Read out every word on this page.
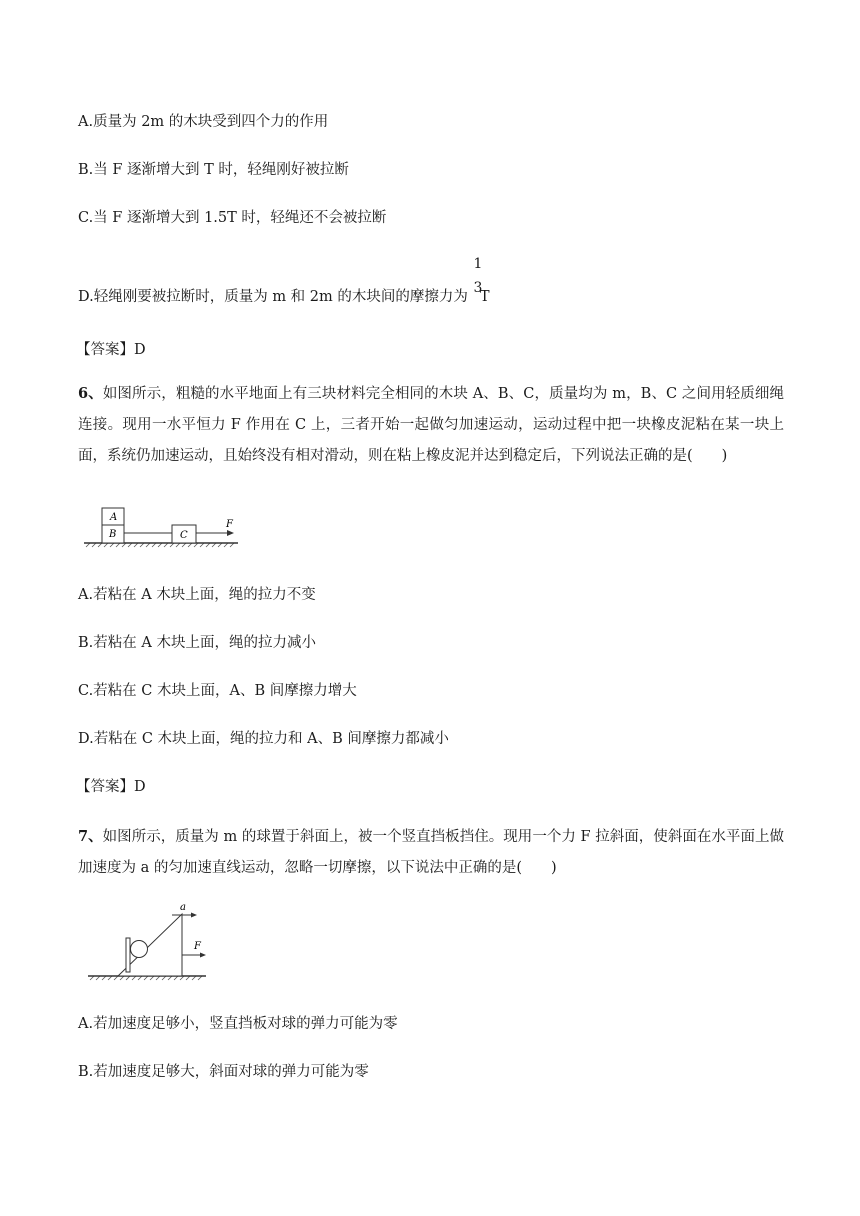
A.质量为 2m 的木块受到四个力的作用
B.当 F 逐渐增大到 T 时，轻绳刚好被拉断
C.当 F 逐渐增大到 1.5T 时，轻绳还不会被拉断
D.轻绳刚要被拉断时，质量为 m 和 2m 的木块间的摩擦力为 T
1
3
【答案】D
6、如图所示，粗糙的水平地面上有三块材料完全相同的木块 A、B、C，质量均为 m，B、C 之间用轻质细绳连接。现用一水平恒力 F 作用在 C 上，三者开始一起做匀加速运动，运动过程中把一块橡皮泥粘在某一块上面，系统仍加速运动，且始终没有相对滑动，则在粘上橡皮泥并达到稳定后，下列说法正确的是(　　)
A
B	C
F
A.若粘在 A 木块上面，绳的拉力不变
B.若粘在 A 木块上面，绳的拉力减小
C.若粘在 C 木块上面，A、B 间摩擦力增大
D.若粘在 C 木块上面，绳的拉力和 A、B 间摩擦力都减小
【答案】D
7、如图所示，质量为 m 的球置于斜面上，被一个竖直挡板挡住。现用一个力 F 拉斜面，使斜面在水平面上做加速度为 a 的匀加速直线运动，忽略一切摩擦，以下说法中正确的是(　　)
a
F
A.若加速度足够小，竖直挡板对球的弹力可能为零
B.若加速度足够大，斜面对球的弹力可能为零
